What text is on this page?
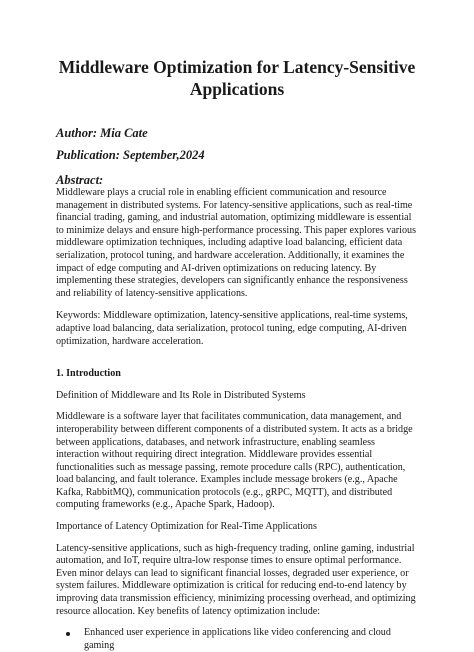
Middleware Optimization for Latency-Sensitive
Applications
Author: Mia Cate
Publication: September,2024
Abstract:

Middleware plays a crucial role in enabling efficient communication and resource management in distributed systems. For latency-sensitive applications, such as real-time financial trading, gaming, and industrial automation, optimizing middleware is essential to minimize delays and ensure high-performance processing. This paper explores various middleware optimization techniques, including adaptive load balancing, efficient data serialization, protocol tuning, and hardware acceleration. Additionally, it examines the impact of edge computing and AI-driven optimizations on reducing latency. By implementing these strategies, developers can significantly enhance the responsiveness and reliability of latency-sensitive applications.

Keywords: Middleware optimization, latency-sensitive applications, real-time systems, adaptive load balancing, data serialization, protocol tuning, edge computing, AI-driven optimization, hardware acceleration.

1. Introduction

Definition of Middleware and Its Role in Distributed Systems

Middleware is a software layer that facilitates communication, data management, and interoperability between different components of a distributed system. It acts as a bridge between applications, databases, and network infrastructure, enabling seamless interaction without requiring direct integration. Middleware provides essential functionalities such as message passing, remote procedure calls (RPC), authentication, load balancing, and fault tolerance. Examples include message brokers (e.g., Apache Kafka, RabbitMQ), communication protocols (e.g., gRPC, MQTT), and distributed computing frameworks (e.g., Apache Spark, Hadoop).

Importance of Latency Optimization for Real-Time Applications

Latency-sensitive applications, such as high-frequency trading, online gaming, industrial automation, and IoT, require ultra-low response times to ensure optimal performance. Even minor delays can lead to significant financial losses, degraded user experience, or system failures. Middleware optimization is critical for reducing end-to-end latency by improving data transmission efficiency, minimizing processing overhead, and optimizing resource allocation. Key benefits of latency optimization include:

Enhanced user experience in applications like video conferencing and cloud gaming
